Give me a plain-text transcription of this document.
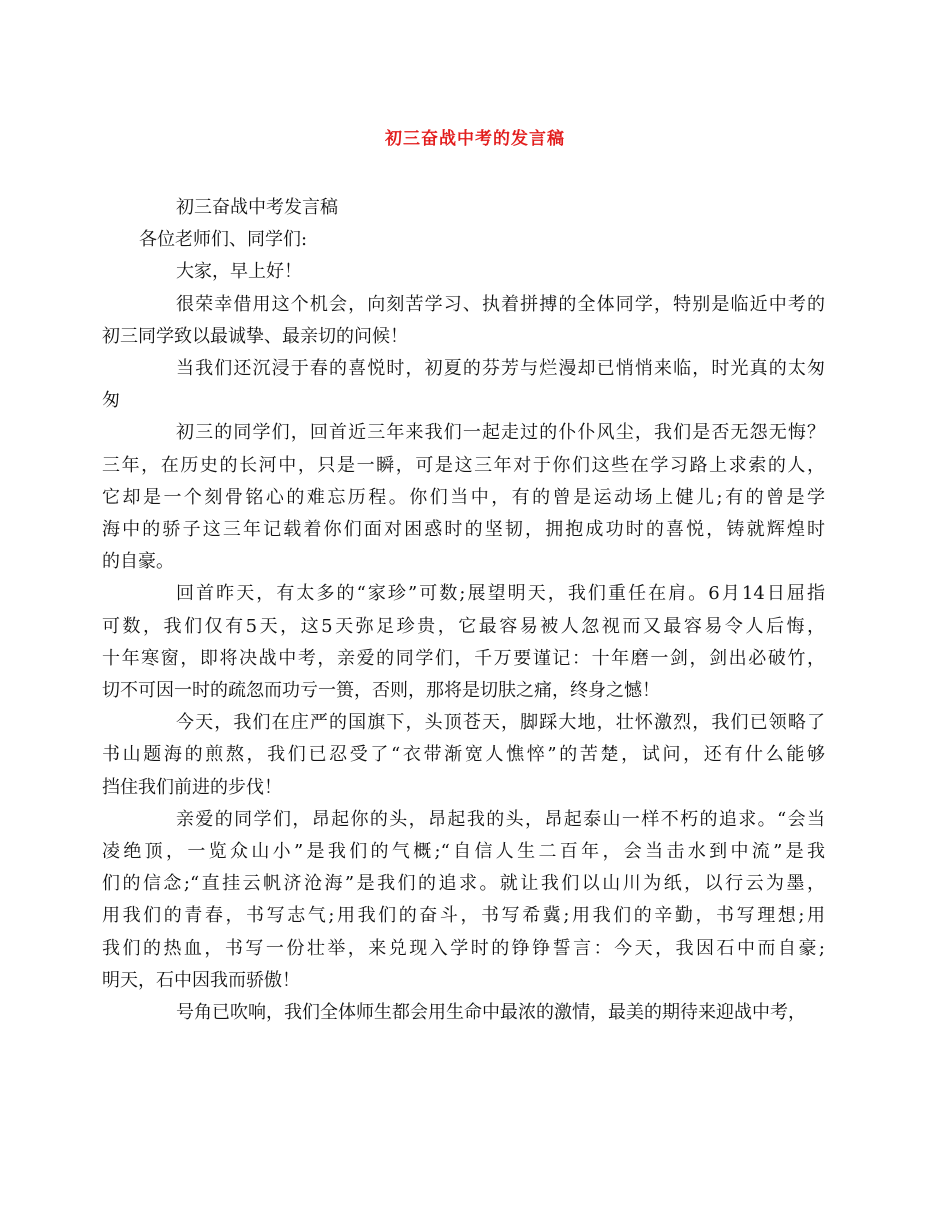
初三奋战中考的发言稿

初三奋战中考发言稿

各位老师们、同学们:

大家，早上好！

很荣幸借用这个机会，向刻苦学习、执着拼搏的全体同学，特别是临近中考的
初三同学致以最诚挚、最亲切的问候！

当我们还沉浸于春的喜悦时，初夏的芬芳与烂漫却已悄悄来临，时光真的太匆
匆

初三的同学们，回首近三年来我们一起走过的仆仆风尘，我们是否无怨无悔？
三年，在历史的长河中，只是一瞬，可是这三年对于你们这些在学习路上求索的人，
它却是一个刻骨铭心的难忘历程。你们当中，有的曾是运动场上健儿;有的曾是学
海中的骄子这三年记载着你们面对困惑时的坚韧，拥抱成功时的喜悦，铸就辉煌时
的自豪。

回首昨天，有太多的“家珍”可数;展望明天，我们重任在肩。6月14日屈指
可数，我们仅有5天，这5天弥足珍贵，它最容易被人忽视而又最容易令人后悔，
十年寒窗，即将决战中考，亲爱的同学们，千万要谨记：十年磨一剑，剑出必破竹，
切不可因一时的疏忽而功亏一篑，否则，那将是切肤之痛，终身之憾！

今天，我们在庄严的国旗下，头顶苍天，脚踩大地，壮怀激烈，我们已领略了
书山题海的煎熬，我们已忍受了“衣带渐宽人憔悴”的苦楚，试问，还有什么能够
挡住我们前进的步伐！

亲爱的同学们，昂起你的头，昂起我的头，昂起泰山一样不朽的追求。“会当
凌绝顶，一览众山小”是我们的气概;“自信人生二百年，会当击水到中流”是我
们的信念;“直挂云帆济沧海”是我们的追求。就让我们以山川为纸，以行云为墨，
用我们的青春，书写志气;用我们的奋斗，书写希冀;用我们的辛勤，书写理想;用
我们的热血，书写一份壮举，来兑现入学时的铮铮誓言：今天，我因石中而自豪;
明天，石中因我而骄傲！

号角已吹响，我们全体师生都会用生命中最浓的激情，最美的期待来迎战中考，
